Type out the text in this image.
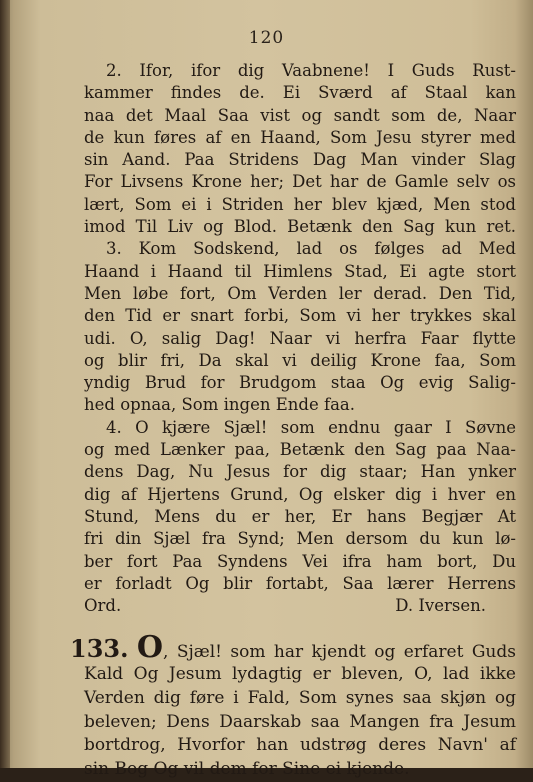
120
2. Ifor, ifor dig Vaabnene! I Guds Rust-
kammer findes de. Ei Sværd af Staal kan
naa det Maal Saa vist og sandt som de, Naar
de kun føres af en Haand, Som Jesu styrer med
sin Aand. Paa Stridens Dag Man vinder Slag
For Livsens Krone her; Det har de Gamle selv os
lært, Som ei i Striden her blev kjæd, Men stod
imod Til Liv og Blod. Betænk den Sag kun ret.
3. Kom Sodskend, lad os følges ad Med
Haand i Haand til Himlens Stad, Ei agte stort
Men løbe fort, Om Verden ler derad. Den Tid,
den Tid er snart forbi, Som vi her trykkes skal
udi. O, salig Dag! Naar vi herfra Faar flytte
og blir fri, Da skal vi deilig Krone faa, Som
yndig Brud for Brudgom staa Og evig Salig-
hed opnaa, Som ingen Ende faa.
4. O kjære Sjæl! som endnu gaar I Søvne
og med Lænker paa, Betænk den Sag paa Naa-
dens Dag, Nu Jesus for dig staar; Han ynker
dig af Hjertens Grund, Og elsker dig i hver en
Stund, Mens du er her, Er hans Begjær At
fri din Sjæl fra Synd; Men dersom du kun lø-
ber fort Paa Syndens Vei ifra ham bort, Du
er forladt Og blir fortabt, Saa lærer Herrens
Ord.	D. Iversen.
133. O, Sjæl! som har kjendt og erfaret Guds
Kald Og Jesum lydagtig er bleven, O, lad ikke
Verden dig føre i Fald, Som synes saa skjøn og
beleven; Dens Daarskab saa Mangen fra Jesum
bortdrog, Hvorfor han udstrøg deres Navn' af
sin Bog Og vil dem for Sine ei kjende.
